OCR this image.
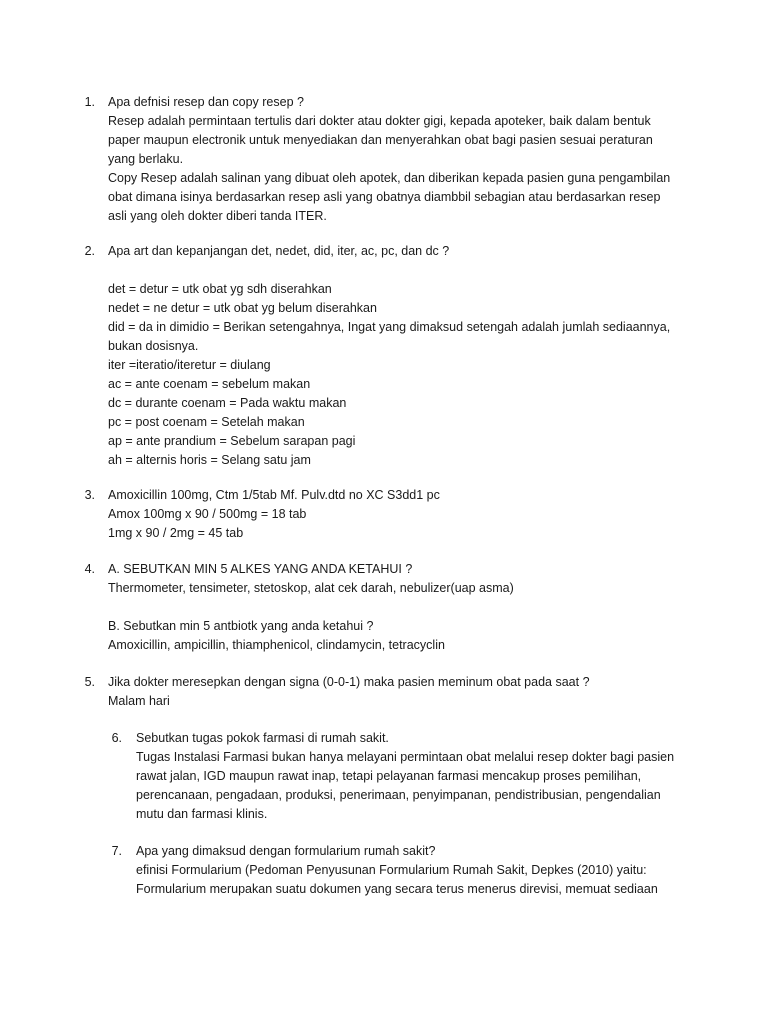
1. Apa defnisi resep dan copy resep ?
Resep adalah permintaan tertulis dari dokter atau dokter gigi, kepada apoteker, baik dalam bentuk
paper maupun electronik untuk menyediakan dan menyerahkan obat bagi pasien sesuai peraturan
yang berlaku.
Copy Resep adalah salinan yang dibuat oleh apotek, dan diberikan kepada pasien guna pengambilan
obat dimana isinya berdasarkan resep asli yang obatnya diambbil sebagian atau berdasarkan resep
asli yang oleh dokter diberi tanda ITER.
2. Apa art dan kepanjangan det, nedet, did, iter, ac, pc, dan dc ?
det = detur = utk obat yg sdh diserahkan
nedet = ne detur = utk obat yg belum diserahkan
did = da in dimidio = Berikan setengahnya, Ingat yang dimaksud setengah adalah jumlah sediaannya,
bukan dosisnya.
iter =iteratio/iteretur = diulang
ac = ante coenam = sebelum makan
dc = durante coenam = Pada waktu makan
pc = post coenam = Setelah makan
ap = ante prandium = Sebelum sarapan pagi
ah = alternis horis = Selang satu jam
3. Amoxicillin 100mg, Ctm 1/5tab Mf. Pulv.dtd no XC S3dd1 pc
Amox 100mg x 90 / 500mg = 18 tab
1mg x 90 / 2mg = 45 tab
4. A. SEBUTKAN MIN 5 ALKES YANG ANDA KETAHUI ?
Thermometer, tensimeter, stetoskop, alat cek darah, nebulizer(uap asma)
B. Sebutkan min 5 antbiotk yang anda ketahui ?
Amoxicillin, ampicillin, thiamphenicol, clindamycin, tetracyclin
5. Jika dokter meresepkan dengan signa (0-0-1) maka pasien meminum obat pada saat ?
Malam hari
6. Sebutkan tugas pokok farmasi di rumah sakit.
Tugas Instalasi Farmasi bukan hanya melayani permintaan obat melalui resep dokter bagi pasien
rawat jalan, IGD maupun rawat inap, tetapi pelayanan farmasi mencakup proses pemilihan,
perencanaan, pengadaan, produksi, penerimaan, penyimpanan, pendistribusian, pengendalian
mutu dan farmasi klinis.
7. Apa yang dimaksud dengan formularium rumah sakit?
efinisi Formularium (Pedoman Penyusunan Formularium Rumah Sakit, Depkes (2010) yaitu:
Formularium merupakan suatu dokumen yang secara terus menerus direvisi, memuat sediaan
